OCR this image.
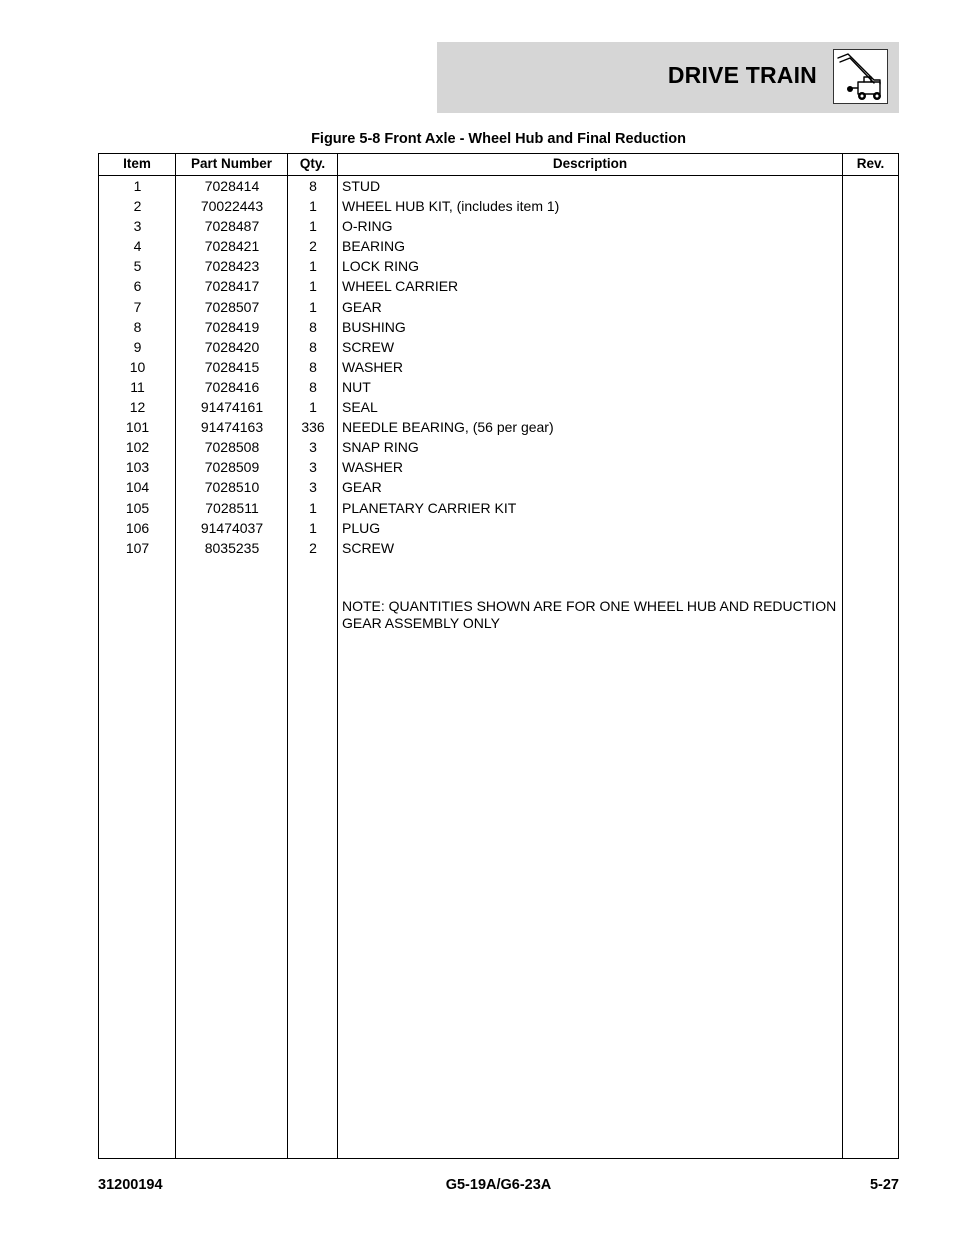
DRIVE TRAIN
Figure 5-8 Front Axle - Wheel Hub and Final Reduction
Item	Part Number	Qty.	Description	Rev.
1	7028414	8	STUD
2	70022443	1	WHEEL HUB KIT, (includes item 1)
3	7028487	1	O-RING
4	7028421	2	BEARING
5	7028423	1	LOCK RING
6	7028417	1	WHEEL CARRIER
7	7028507	1	GEAR
8	7028419	8	BUSHING
9	7028420	8	SCREW
10	7028415	8	WASHER
11	7028416	8	NUT
12	91474161	1	SEAL
101	91474163	336	NEEDLE BEARING, (56 per gear)
102	7028508	3	SNAP RING
103	7028509	3	WASHER
104	7028510	3	GEAR
105	7028511	1	PLANETARY CARRIER KIT
106	91474037	1	PLUG
107	8035235	2	SCREW
NOTE: QUANTITIES SHOWN ARE FOR ONE WHEEL HUB AND REDUCTION GEAR ASSEMBLY ONLY
31200194	G5-19A/G6-23A	5-27
